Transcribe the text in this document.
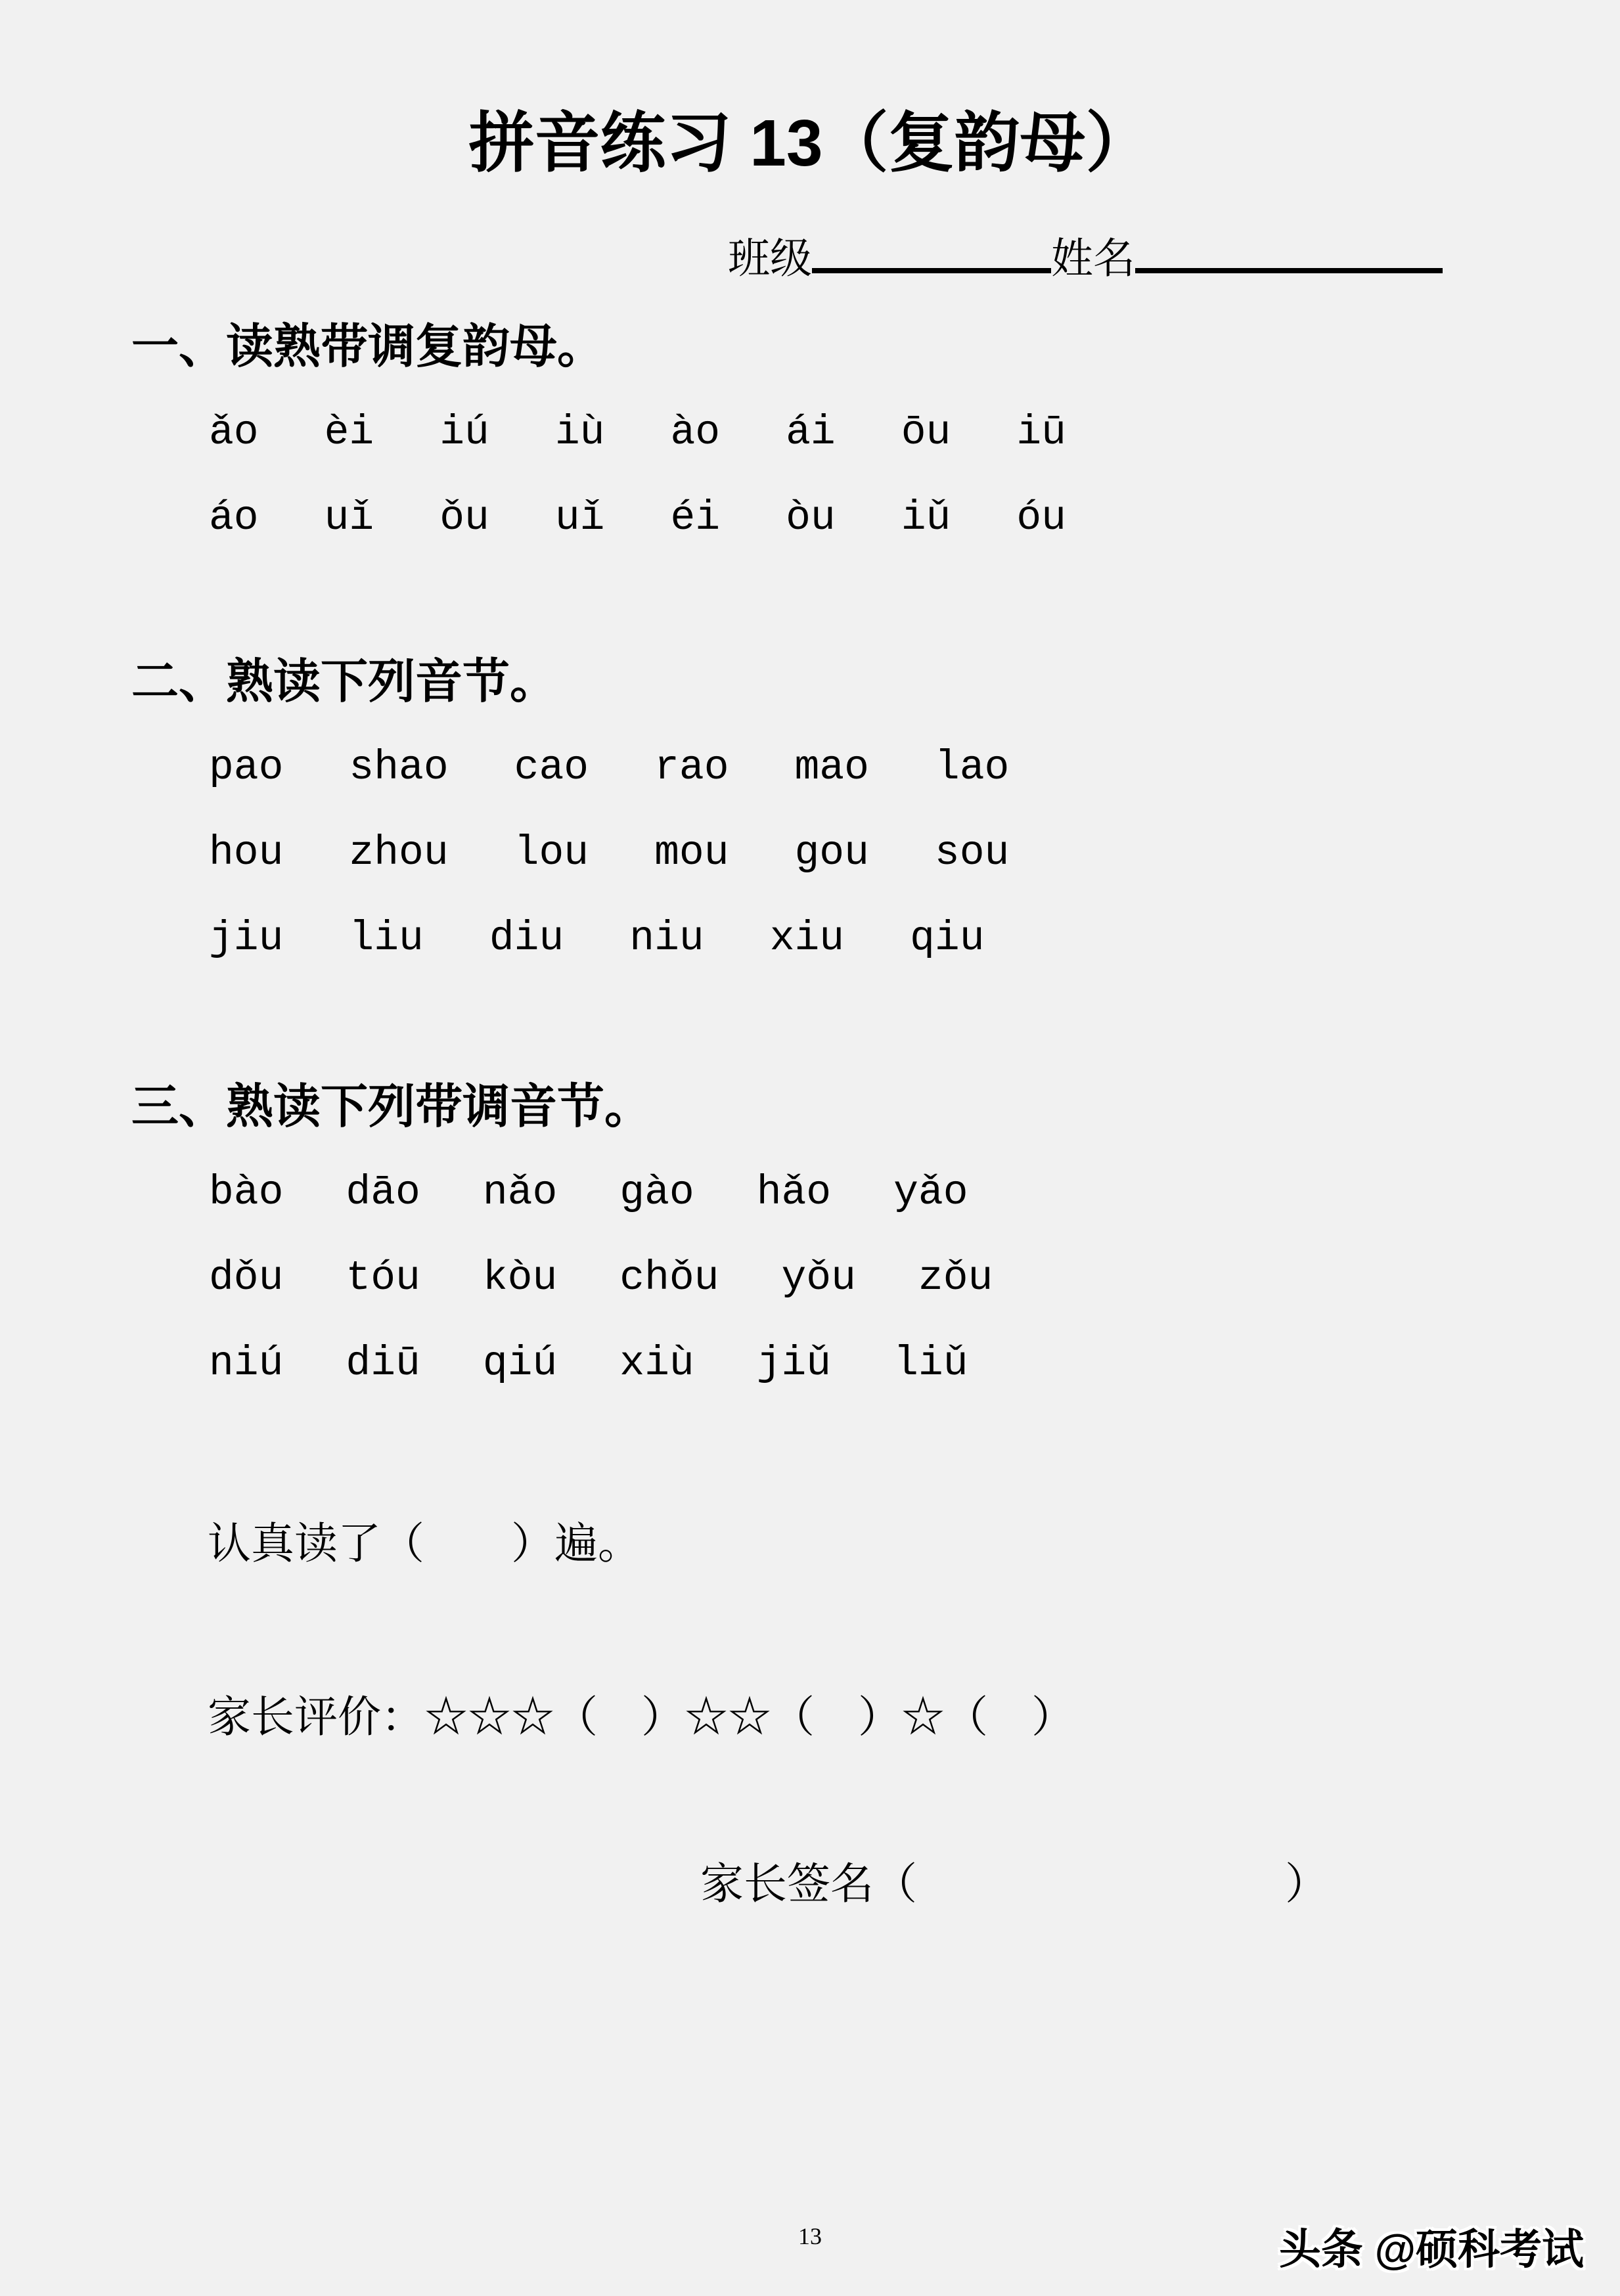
拼音练习 13（复韵母）
班级	姓名
一、读熟带调复韵母。
ǎo èi iú iù ào ái ōu iū
áo uǐ ǒu uǐ éi òu iǔ óu
二、熟读下列音节。
pao shao cao rao mao lao
hou zhou lou mou gou sou
jiu liu diu niu xiu qiu
三、熟读下列带调音节。
bào dāo nǎo gào hǎo yǎo
dǒu tóu kòu chǒu yǒu zǒu
niú diū qiú xiù jiǔ liǔ
认真读了（　　）遍。
家长评价：☆☆☆（　）☆☆（　）☆（　）
家长签名（	）
13	头条 @硕科考试
